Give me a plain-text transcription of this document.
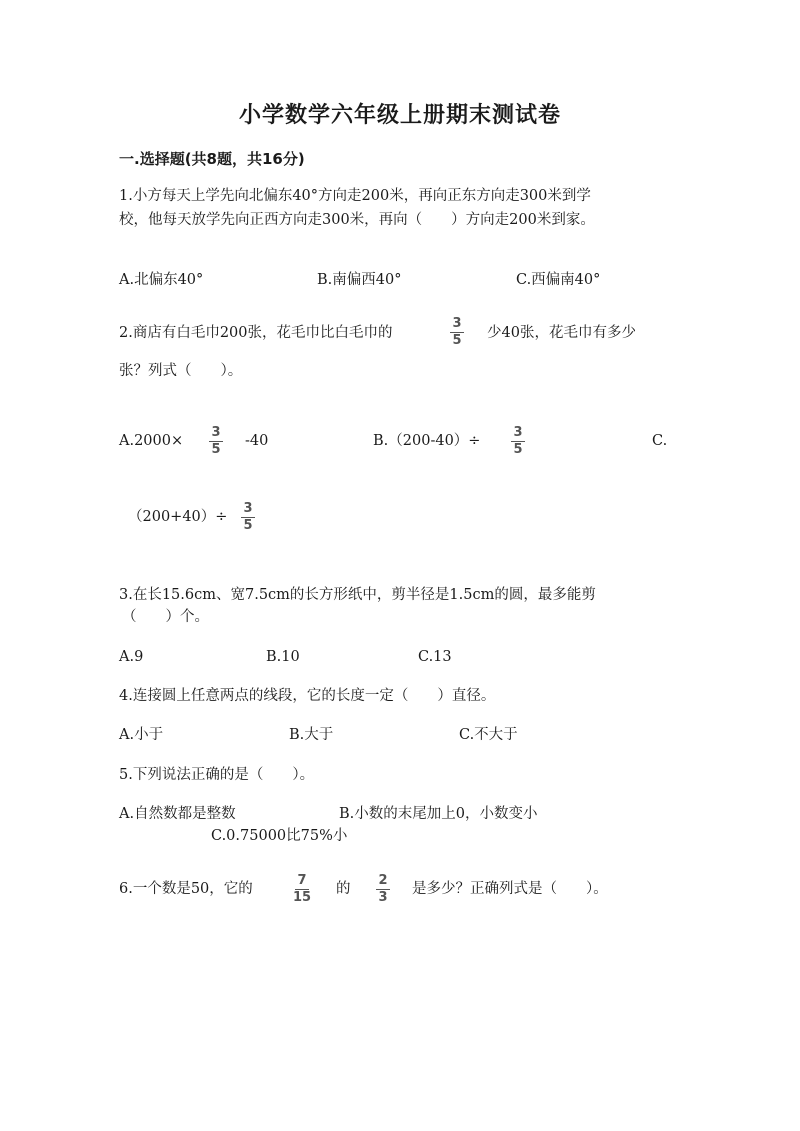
小学数学六年级上册期末测试卷
一.选择题(共8题，共16分)
1.小方每天上学先向北偏东40°方向走200米，再向正东方向走300米到学
校，他每天放学先向正西方向走300米，再向（　　）方向走200米到家。
A.北偏东40°	B.南偏西40°	C.西偏南40°
2.商店有白毛巾200张，花毛巾比白毛巾的
3
5 少40张，花毛巾有多少
张？列式（　　）。
A.2000×
3
5
-40	B.（200-40）÷
3
5
C.
（200+40）÷
3
5
3.在长15.6cm、宽7.5cm的长方形纸中，剪半径是1.5cm的圆，最多能剪
（　　）个。
A.9	B.10	C.13
4.连接圆上任意两点的线段，它的长度一定（　　）直径。
A.小于	B.大于	C.不大于
5.下列说法正确的是（　　）。
A.自然数都是整数	B.小数的末尾加上0，小数变小
C.0.75000比75%小
6.一个数是50，它的
7
15
的
2
3
是多少？正确列式是（　　）。
